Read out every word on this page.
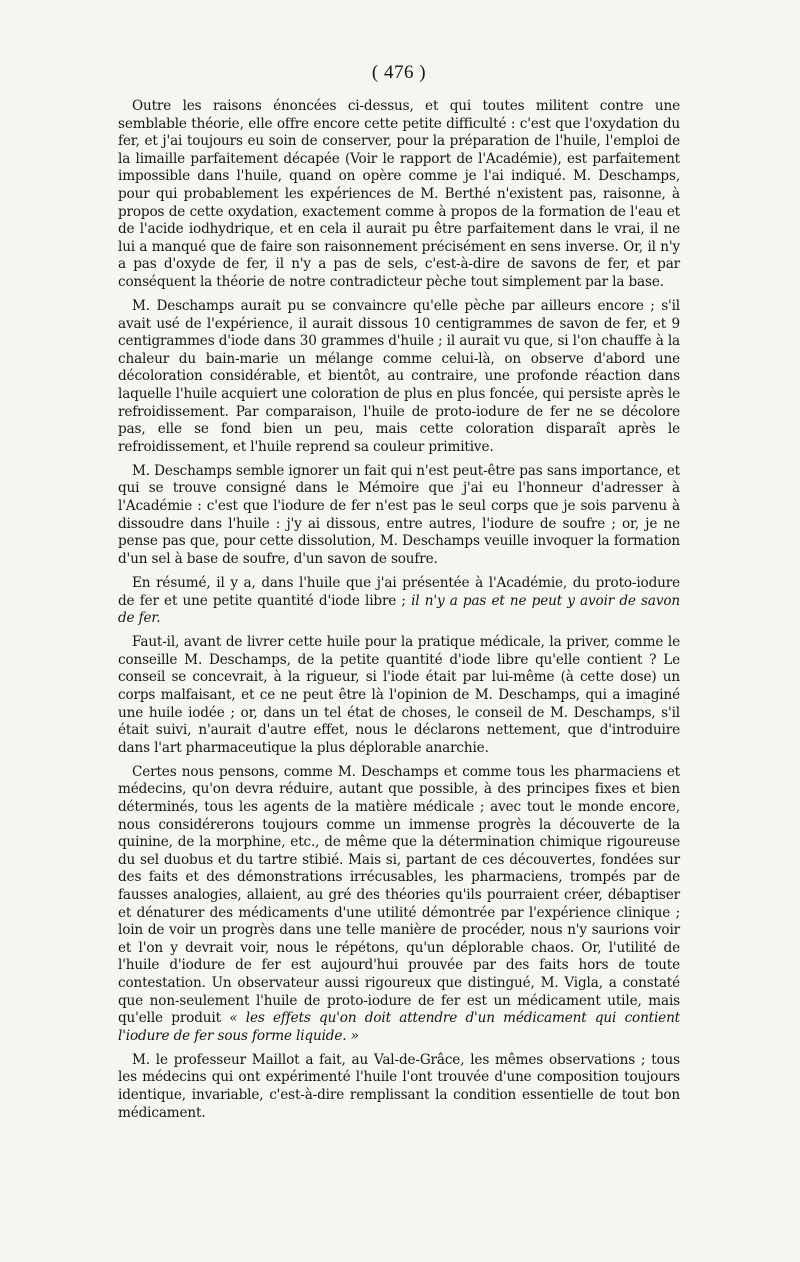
( 476 )

Outre les raisons énoncées ci-dessus, et qui toutes militent contre une semblable théorie, elle offre encore cette petite difficulté : c'est que l'oxydation du fer, et j'ai toujours eu soin de conserver, pour la préparation de l'huile, l'emploi de la limaille parfaitement décapée (Voir le rapport de l'Académie), est parfaitement impossible dans l'huile, quand on opère comme je l'ai indiqué. M. Deschamps, pour qui probablement les expériences de M. Berthé n'existent pas, raisonne, à propos de cette oxydation, exactement comme à propos de la formation de l'eau et de l'acide iodhydrique, et en cela il aurait pu être parfaitement dans le vrai, il ne lui a manqué que de faire son raisonnement précisément en sens inverse. Or, il n'y a pas d'oxyde de fer, il n'y a pas de sels, c'est-à-dire de savons de fer, et par conséquent la théorie de notre contradicteur pèche tout simplement par la base.

M. Deschamps aurait pu se convaincre qu'elle pèche par ailleurs encore ; s'il avait usé de l'expérience, il aurait dissous 10 centigrammes de savon de fer, et 9 centigrammes d'iode dans 30 grammes d'huile ; il aurait vu que, si l'on chauffe à la chaleur du bain-marie un mélange comme celui-là, on observe d'abord une décoloration considérable, et bientôt, au contraire, une profonde réaction dans laquelle l'huile acquiert une coloration de plus en plus foncée, qui persiste après le refroidissement. Par comparaison, l'huile de proto-iodure de fer ne se décolore pas, elle se fond bien un peu, mais cette coloration disparaît après le refroidissement, et l'huile reprend sa couleur primitive.

M. Deschamps semble ignorer un fait qui n'est peut-être pas sans importance, et qui se trouve consigné dans le Mémoire que j'ai eu l'honneur d'adresser à l'Académie : c'est que l'iodure de fer n'est pas le seul corps que je sois parvenu à dissoudre dans l'huile : j'y ai dissous, entre autres, l'iodure de soufre ; or, je ne pense pas que, pour cette dissolution, M. Deschamps veuille invoquer la formation d'un sel à base de soufre, d'un savon de soufre.

En résumé, il y a, dans l'huile que j'ai présentée à l'Académie, du proto-iodure de fer et une petite quantité d'iode libre ; il n'y a pas et ne peut y avoir de savon de fer.

Faut-il, avant de livrer cette huile pour la pratique médicale, la priver, comme le conseille M. Deschamps, de la petite quantité d'iode libre qu'elle contient ? Le conseil se concevrait, à la rigueur, si l'iode était par lui-même (à cette dose) un corps malfaisant, et ce ne peut être là l'opinion de M. Deschamps, qui a imaginé une huile iodée ; or, dans un tel état de choses, le conseil de M. Deschamps, s'il était suivi, n'aurait d'autre effet, nous le déclarons nettement, que d'introduire dans l'art pharmaceutique la plus déplorable anarchie.

Certes nous pensons, comme M. Deschamps et comme tous les pharmaciens et médecins, qu'on devra réduire, autant que possible, à des principes fixes et bien déterminés, tous les agents de la matière médicale ; avec tout le monde encore, nous considérerons toujours comme un immense progrès la découverte de la quinine, de la morphine, etc., de même que la détermination chimique rigoureuse du sel duobus et du tartre stibié. Mais si, partant de ces découvertes, fondées sur des faits et des démonstrations irrécusables, les pharmaciens, trompés par de fausses analogies, allaient, au gré des théories qu'ils pourraient créer, débaptiser et dénaturer des médicaments d'une utilité démontrée par l'expérience clinique ; loin de voir un progrès dans une telle manière de procéder, nous n'y saurions voir et l'on y devrait voir, nous le répétons, qu'un déplorable chaos. Or, l'utilité de l'huile d'iodure de fer est aujourd'hui prouvée par des faits hors de toute contestation. Un observateur aussi rigoureux que distingué, M. Vigla, a constaté que non-seulement l'huile de proto-iodure de fer est un médicament utile, mais qu'elle produit « les effets qu'on doit attendre d'un médicament qui contient l'iodure de fer sous forme liquide. »

M. le professeur Maillot a fait, au Val-de-Grâce, les mêmes observations ; tous les médecins qui ont expérimenté l'huile l'ont trouvée d'une composition toujours identique, invariable, c'est-à-dire remplissant la condition essentielle de tout bon médicament.
